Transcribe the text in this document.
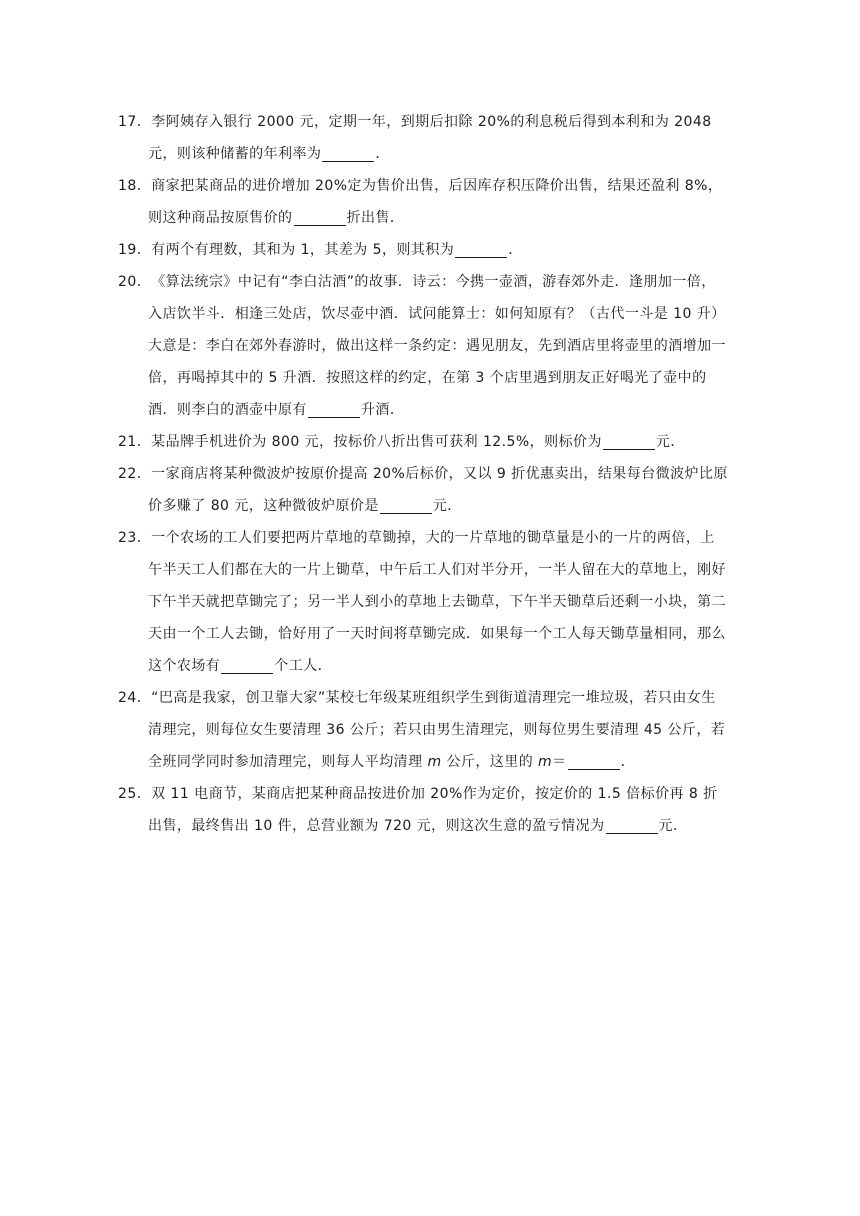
17．李阿姨存入银行 2000 元，定期一年，到期后扣除 20%的利息税后得到本利和为 2048 元，则该种储蓄的年利率为	．

18．商家把某商品的进价增加 20%定为售价出售，后因库存积压降价出售，结果还盈利 8%，则这种商品按原售价的	折出售．

19．有两个有理数，其和为 1，其差为 5，则其积为	．

20．《算法统宗》中记有“李白沽酒”的故事．诗云：今携一壶酒，游春郊外走．逢朋加一倍，入店饮半斗．相逢三处店，饮尽壶中酒．试问能算士：如何知原有？（古代一斗是 10 升）
大意是：李白在郊外春游时，做出这样一条约定：遇见朋友，先到酒店里将壶里的酒增加一倍，再喝掉其中的 5 升酒．按照这样的约定，在第 3 个店里遇到朋友正好喝光了壶中的酒．则李白的酒壶中原有	升酒．

21．某品牌手机进价为 800 元，按标价八折出售可获利 12.5%，则标价为	元．

22．一家商店将某种微波炉按原价提高 20%后标价，又以 9 折优惠卖出，结果每台微波炉比原价多赚了 80 元，这种微彼炉原价是	元．

23．一个农场的工人们要把两片草地的草锄掉，大的一片草地的锄草量是小的一片的两倍，上午半天工人们都在大的一片上锄草，中午后工人们对半分开，一半人留在大的草地上，刚好下午半天就把草锄完了；另一半人到小的草地上去锄草，下午半天锄草后还剩一小块，第二天由一个工人去锄，恰好用了一天时间将草锄完成．如果每一个工人每天锄草量相同，那么这个农场有	个工人．

24．“巴高是我家，创卫靠大家”某校七年级某班组织学生到街道清理完一堆垃圾，若只由女生清理完，则每位女生要清理 36 公斤；若只由男生清理完，则每位男生要清理 45 公斤，若全班同学同时参加清理完，则每人平均清理 m 公斤，这里的 m＝	．

25．双 11 电商节，某商店把某种商品按进价加 20%作为定价，按定价的 1.5 倍标价再 8 折出售，最终售出 10 件，总营业额为 720 元，则这次生意的盈亏情况为	元．
